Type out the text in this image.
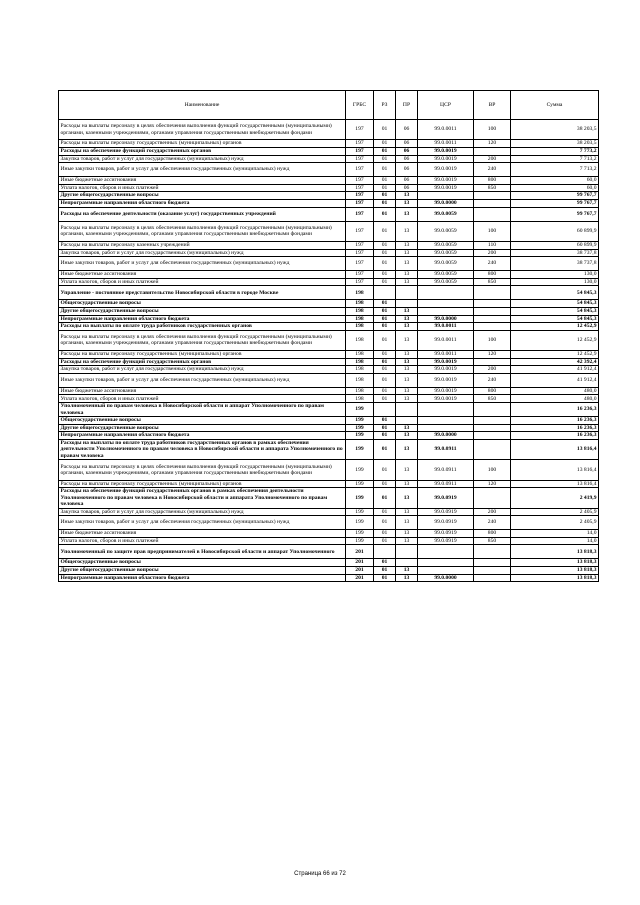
Наименование	ГРБС	РЗ	ПР	ЦСР	ВР	Сумма
Расходы на выплаты персоналу в целях обеспечения выполнения функций государственными (муниципальными) органами, казенными учреждениями, органами управления государственными внебюджетными фондами	197	01	06	99.0.0011	100	38 203,5
Расходы на выплаты персоналу государственных (муниципальных) органов	197	01	06	99.0.0011	120	38 203,5
Расходы на обеспечение функций государственных органов	197	01	06	99.0.0019		7 773,2
Закупка товаров, работ и услуг для государственных (муниципальных) нужд	197	01	06	99.0.0019	200	7 713,2
Иные закупки товаров, работ и услуг для обеспечения государственных (муниципальных) нужд	197	01	06	99.0.0019	240	7 713,2
Иные бюджетные ассигнования	197	01	06	99.0.0019	800	60,0
Уплата налогов, сборов и иных платежей	197	01	06	99.0.0019	850	60,0
Другие общегосударственные вопросы	197	01	13			99 767,7
Непрограммные направления областного бюджета	197	01	13	99.0.0000		99 767,7
Расходы на обеспечение деятельности (оказание услуг) государственных учреждений	197	01	13	99.0.0059		99 767,7
Расходы на выплаты персоналу в целях обеспечения выполнения функций государственными (муниципальными) органами, казенными учреждениями, органами управления государственными внебюджетными фондами	197	01	13	99.0.0059	100	60 899,9
Расходы на выплаты персоналу казенных учреждений	197	01	13	99.0.0059	110	60 899,9
Закупка товаров, работ и услуг для государственных (муниципальных) нужд	197	01	13	99.0.0059	200	38 737,8
Иные закупки товаров, работ и услуг для обеспечения государственных (муниципальных) нужд	197	01	13	99.0.0059	240	38 737,8
Иные бюджетные ассигнования	197	01	13	99.0.0059	800	130,0
Уплата налогов, сборов и иных платежей	197	01	13	99.0.0059	850	130,0
Управление - постоянное представительство Новосибирской области в городе Москве	198					54 845,3
Общегосударственные вопросы	198	01				54 845,3
Другие общегосударственные вопросы	198	01	13			54 845,3
Непрограммные направления областного бюджета	198	01	13	99.0.0000		54 845,3
Расходы на выплаты по оплате труда работников государственных органов	198	01	13	99.0.0011		12 452,9
Расходы на выплаты персоналу в целях обеспечения выполнения функций государственными (муниципальными) органами, казенными учреждениями, органами управления государственными внебюджетными фондами	198	01	13	99.0.0011	100	12 452,9
Расходы на выплаты персоналу государственных (муниципальных) органов	198	01	13	99.0.0011	120	12 452,9
Расходы на обеспечение функций государственных органов	198	01	13	99.0.0019		42 392,4
Закупка товаров, работ и услуг для государственных (муниципальных) нужд	198	01	13	99.0.0019	200	41 912,4
Иные закупки товаров, работ и услуг для обеспечения государственных (муниципальных) нужд	198	01	13	99.0.0019	240	41 912,4
Иные бюджетные ассигнования	198	01	13	99.0.0019	800	480,0
Уплата налогов, сборов и иных платежей	198	01	13	99.0.0019	850	480,0
Уполномоченный по правам человека в Новосибирской области и аппарат Уполномоченного по правам человека	199					16 236,3
Общегосударственные вопросы	199	01				16 236,3
Другие общегосударственные вопросы	199	01	13			16 236,3
Непрограммные направления областного бюджета	199	01	13	99.0.0000		16 236,3
Расходы на выплаты по оплате труда работников государственных органов в рамках обеспечения деятельности Уполномоченного по правам человека в Новосибирской области и аппарата Уполномоченного по правам человека	199	01	13	99.0.0911		13 816,4
Расходы на выплаты персоналу в целях обеспечения выполнения функций государственными (муниципальными) органами, казенными учреждениями, органами управления государственными внебюджетными фондами	199	01	13	99.0.0911	100	13 816,4
Расходы на выплаты персоналу государственных (муниципальных) органов	199	01	13	99.0.0911	120	13 816,4
Расходы на обеспечение функций государственных органов в рамках обеспечения деятельности Уполномоченного по правам человека в Новосибирской области и аппарата Уполномоченного по правам человека	199	01	13	99.0.0919		2 419,9
Закупка товаров, работ и услуг для государственных (муниципальных) нужд	199	01	13	99.0.0919	200	2 405,9
Иные закупки товаров, работ и услуг для обеспечения государственных (муниципальных) нужд	199	01	13	99.0.0919	240	2 405,9
Иные бюджетные ассигнования	199	01	13	99.0.0919	800	14,0
Уплата налогов, сборов и иных платежей	199	01	13	99.0.0919	850	14,0
Уполномоченный по защите прав предпринимателей в Новосибирской области и аппарат Уполномоченного	201					13 818,3
Общегосударственные вопросы	201	01				13 818,3
Другие общегосударственные вопросы	201	01	13			13 818,3
Непрограммные направления областного бюджета	201	01	13	99.0.0000		13 818,3
Страница 66 из 72
